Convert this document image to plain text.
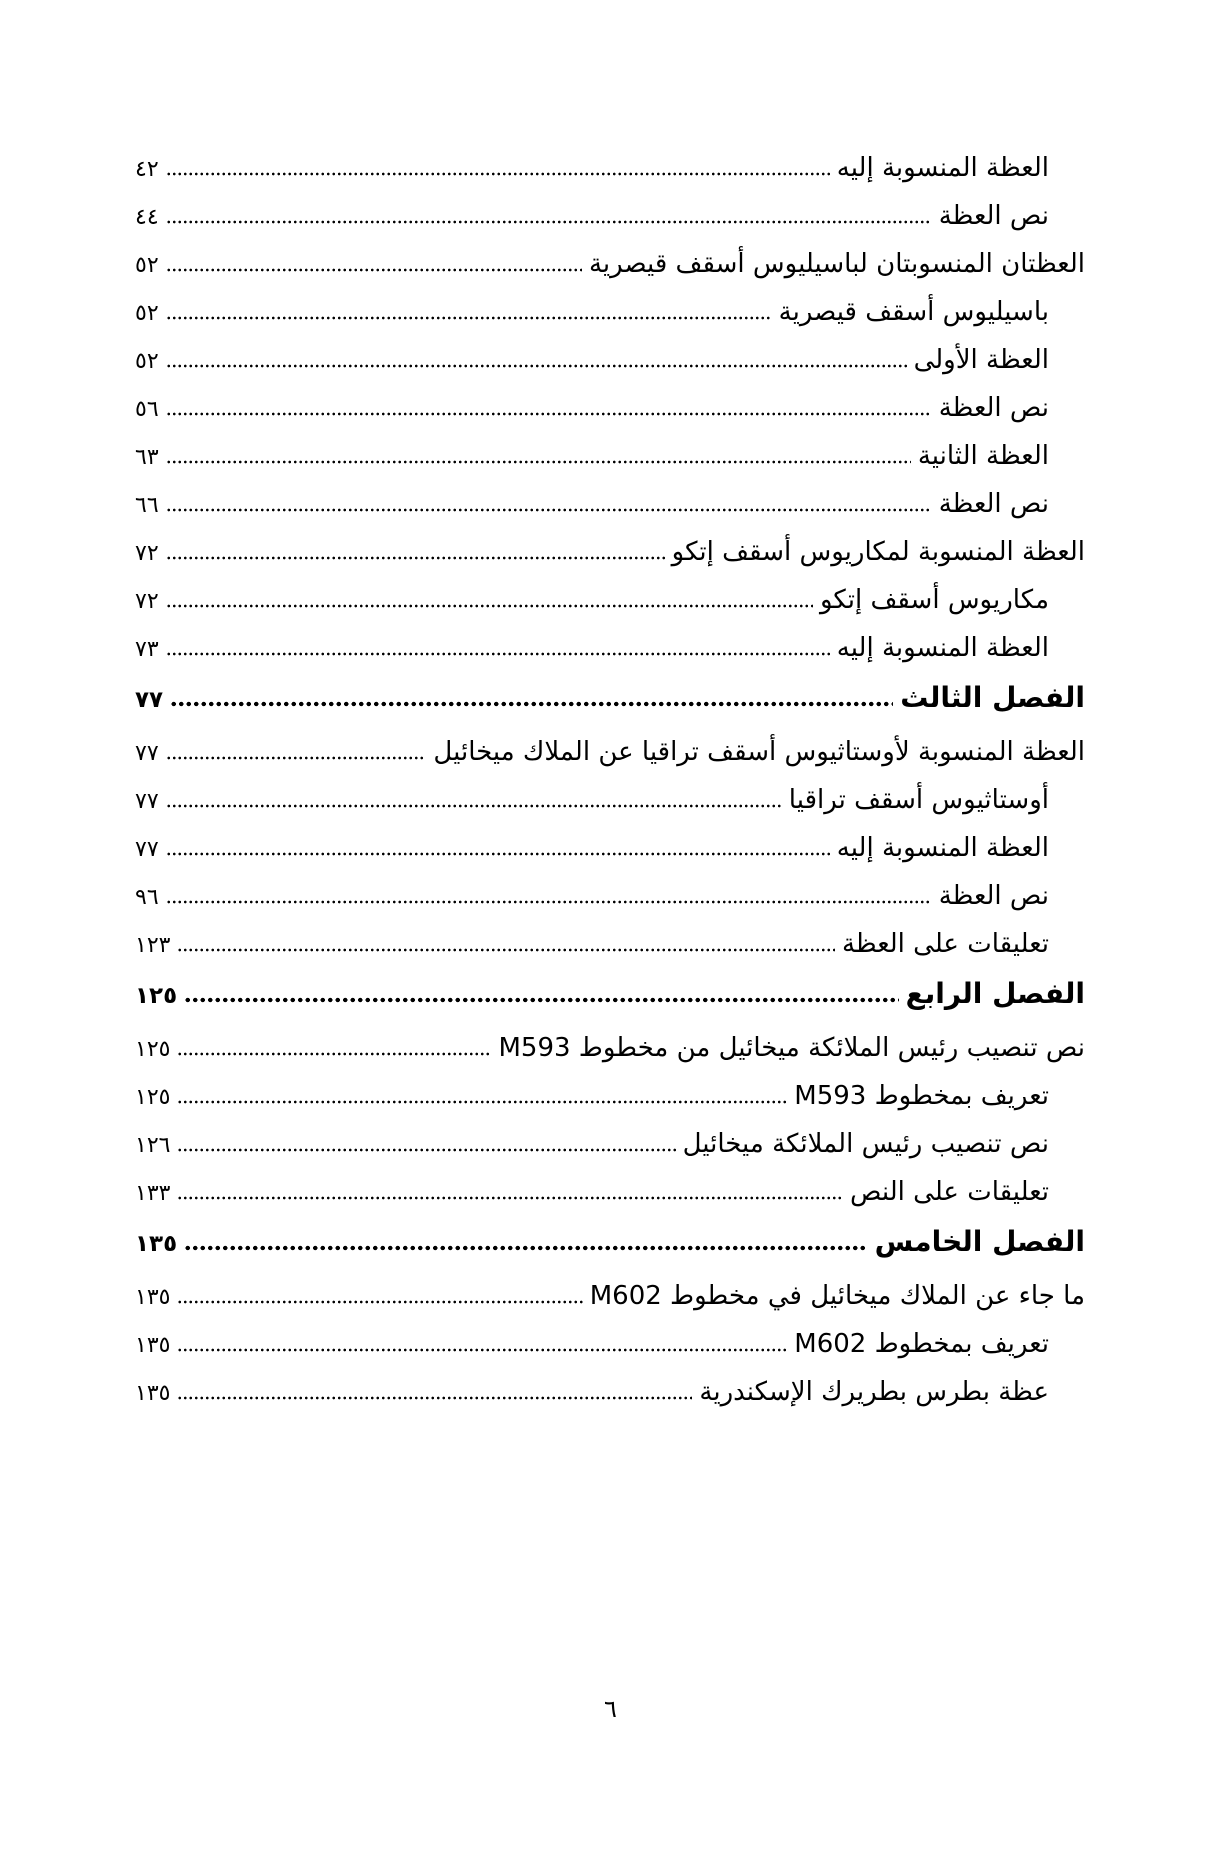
العظة المنسوبة إليه
٤٢
نص العظة
٤٤
العظتان المنسوبتان لباسيليوس أسقف قيصرية
٥٢
باسيليوس أسقف قيصرية
٥٢
العظة الأولى
٥٢
نص العظة
٥٦
العظة الثانية
٦٣
نص العظة
٦٦
العظة المنسوبة لمكاريوس أسقف إتكو
٧٢
مكاريوس أسقف إتكو
٧٢
العظة المنسوبة إليه
٧٣
الفصل الثالث
٧٧
العظة المنسوبة لأوستاثيوس أسقف تراقيا عن الملاك ميخائيل
٧٧
أوستاثيوس أسقف تراقيا
٧٧
العظة المنسوبة إليه
٧٧
نص العظة
٩٦
تعليقات على العظة
١٢٣
الفصل الرابع
١٢٥
نص تنصيب رئيس الملائكة ميخائيل من مخطوط M593
١٢٥
تعريف بمخطوط M593
١٢٥
نص تنصيب رئيس الملائكة ميخائيل
١٢٦
تعليقات على النص
١٣٣
الفصل الخامس
١٣٥
ما جاء عن الملاك ميخائيل في مخطوط M602
١٣٥
تعريف بمخطوط M602
١٣٥
عظة بطرس بطريرك الإسكندرية
١٣٥
٦
